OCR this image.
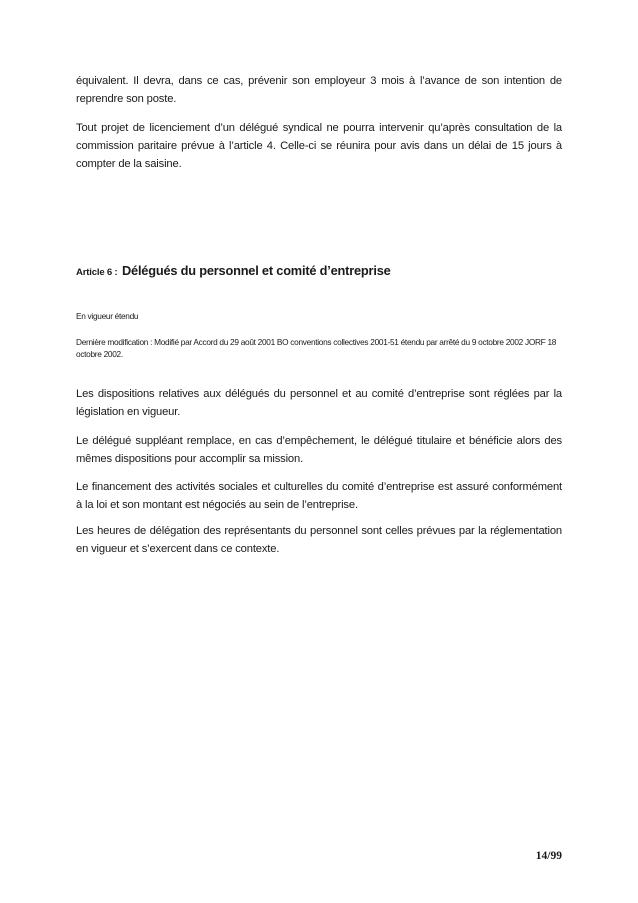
équivalent. Il devra, dans ce cas, prévenir son employeur 3 mois à l’avance de son intention de reprendre son poste.

Tout projet de licenciement d’un délégué syndical ne pourra intervenir qu’après consultation de la commission paritaire prévue à l’article 4. Celle-ci se réunira pour avis dans un délai de 15 jours à compter de la saisine.

Article 6 : Délégués du personnel et comité d’entreprise

En vigueur étendu

Dernière modification : Modifié par Accord du 29 août 2001 BO conventions collectives 2001-51 étendu par arrêté du 9 octobre 2002 JORF 18 octobre 2002.

Les dispositions relatives aux délégués du personnel et au comité d’entreprise sont réglées par la législation en vigueur.

Le délégué suppléant remplace, en cas d’empêchement, le délégué titulaire et bénéficie alors des mêmes dispositions pour accomplir sa mission.

Le financement des activités sociales et culturelles du comité d’entreprise est assuré conformément à la loi et son montant est négociés au sein de l’entreprise.

Les heures de délégation des représentants du personnel sont celles prévues par la réglementation en vigueur et s’exercent dans ce contexte.

14/99
